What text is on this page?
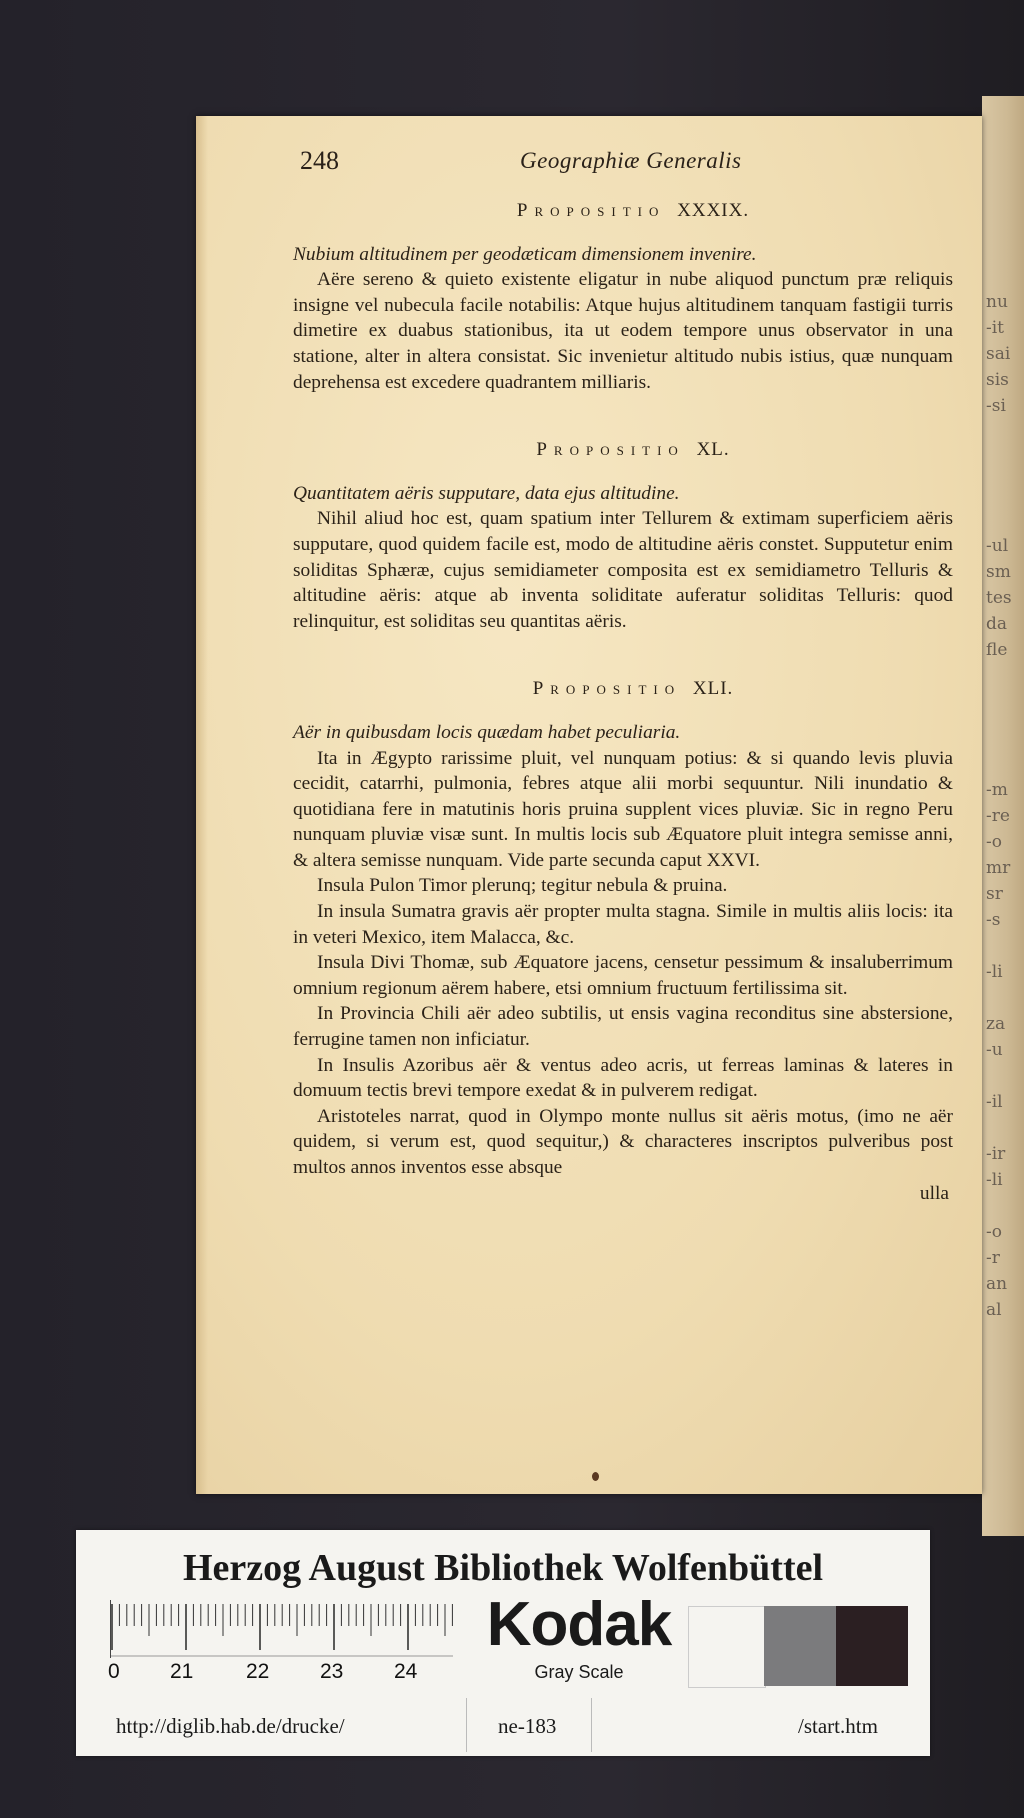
nu
-it
sai
sis
-si
-ul
sm
tes
da
fle
-m
-re
-o
mr
sr
-s
-li
za
-u
-il
-ir
-li
-o
-r
an
al
248	Geographiæ Generalis

Propositio XXXIX.

Nubium altitudinem per geodæticam dimensionem invenire.

Aëre sereno & quieto existente eligatur in nube aliquod punctum præ reliquis insigne vel nubecula facile notabilis: Atque hujus altitudinem tanquam fastigii turris dimetire ex duabus stationibus, ita ut eodem tempore unus observator in una statione, alter in altera consistat. Sic invenietur altitudo nubis istius, quæ nunquam deprehensa est excedere quadrantem milliaris.

Propositio XL.

Quantitatem aëris supputare, data ejus altitudine.

Nihil aliud hoc est, quam spatium inter Tellurem & extimam superficiem aëris supputare, quod quidem facile est, modo de altitudine aëris constet. Supputetur enim soliditas Sphæræ, cujus semidiameter composita est ex semidiametro Telluris & altitudine aëris: atque ab inventa soliditate auferatur soliditas Telluris: quod relinquitur, est soliditas seu quantitas aëris.

Propositio XLI.

Aër in quibusdam locis quædam habet peculiaria.

Ita in Ægypto rarissime pluit, vel nunquam potius: & si quando levis pluvia cecidit, catarrhi, pulmonia, febres atque alii morbi sequuntur. Nili inundatio & quotidiana fere in matutinis horis pruina supplent vices pluviæ. Sic in regno Peru nunquam pluviæ visæ sunt. In multis locis sub Æquatore pluit integra semisse anni, & altera semisse nunquam. Vide parte secunda caput XXVI.

Insula Pulon Timor plerunq; tegitur nebula & pruina.

In insula Sumatra gravis aër propter multa stagna. Simile in multis aliis locis: ita in veteri Mexico, item Malacca, &c.

Insula Divi Thomæ, sub Æquatore jacens, censetur pessimum & insaluberrimum omnium regionum aërem habere, etsi omnium fructuum fertilissima sit.

In Provincia Chili aër adeo subtilis, ut ensis vagina reconditus sine abstersione, ferrugine tamen non inficiatur.

In Insulis Azoribus aër & ventus adeo acris, ut ferreas laminas & lateres in domuum tectis brevi tempore exedat & in pulverem redigat.

Aristoteles narrat, quod in Olympo monte nullus sit aëris motus, (imo ne aër quidem, si verum est, quod sequitur,) & characteres inscriptos pulveribus post multos annos inventos esse absque

ulla

Herzog August Bibliothek Wolfenbüttel
0 21	22 23 24
Kodak
Gray Scale
http://diglib.hab.de/drucke/	ne-183	/start.htm
